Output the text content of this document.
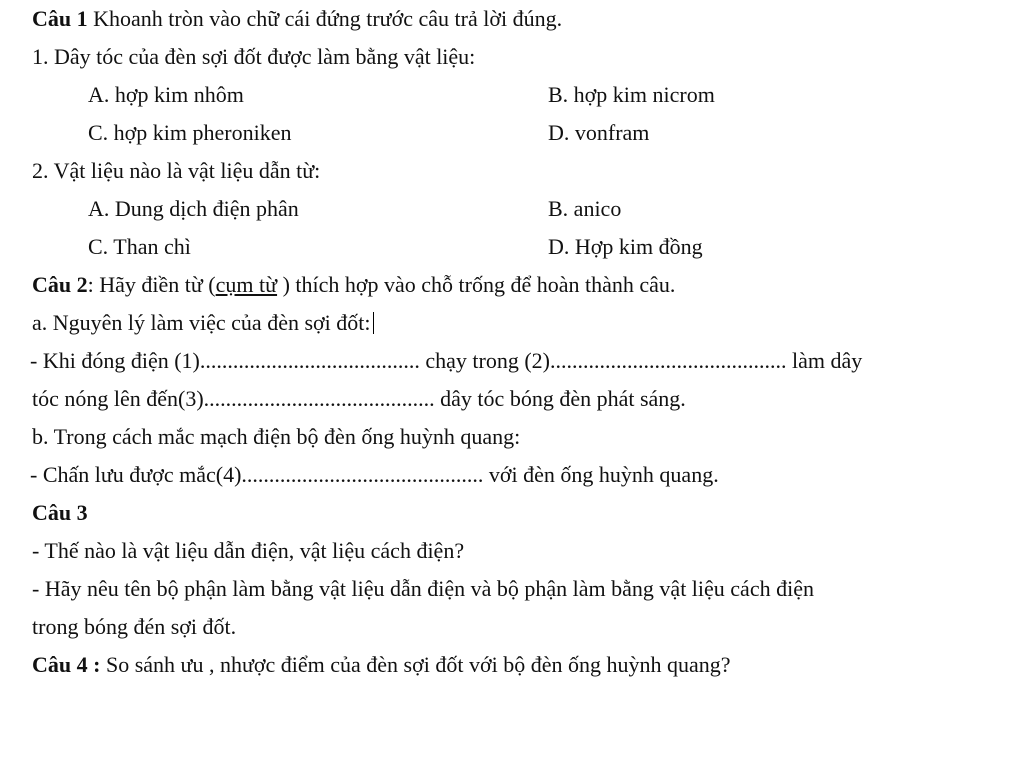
Câu 1 Khoanh tròn vào chữ cái đứng trước câu trả lời đúng.
1. Dây tóc của đèn sợi đốt được làm bằng vật liệu:
A. hợp kim nhôm	B. hợp kim nicrom
C. hợp kim pheroniken	D. vonfram
2. Vật liệu nào là vật liệu dẫn từ:
A. Dung dịch điện phân	B. anico
C. Than chì	D. Hợp kim đồng
Câu 2: Hãy điền từ (cụm từ ) thích hợp vào chỗ trống để hoàn thành câu.
a. Nguyên lý làm việc của đèn sợi đốt:
- Khi đóng điện (1)........................................ chạy trong (2)........................................... làm dây
tóc nóng lên đến(3).......................................... dây tóc bóng đèn phát sáng.
b. Trong cách mắc mạch điện bộ đèn ống huỳnh quang:
- Chấn lưu được mắc(4)............................................ với đèn ống huỳnh quang.
Câu 3
- Thế nào là vật liệu dẫn điện, vật liệu cách điện?
- Hãy nêu tên bộ phận làm bằng vật liệu dẫn điện và bộ phận làm bằng vật liệu cách điện
trong bóng đén sợi đốt.
Câu 4 : So sánh ưu , nhược điểm của đèn sợi đốt với bộ đèn ống huỳnh quang?
